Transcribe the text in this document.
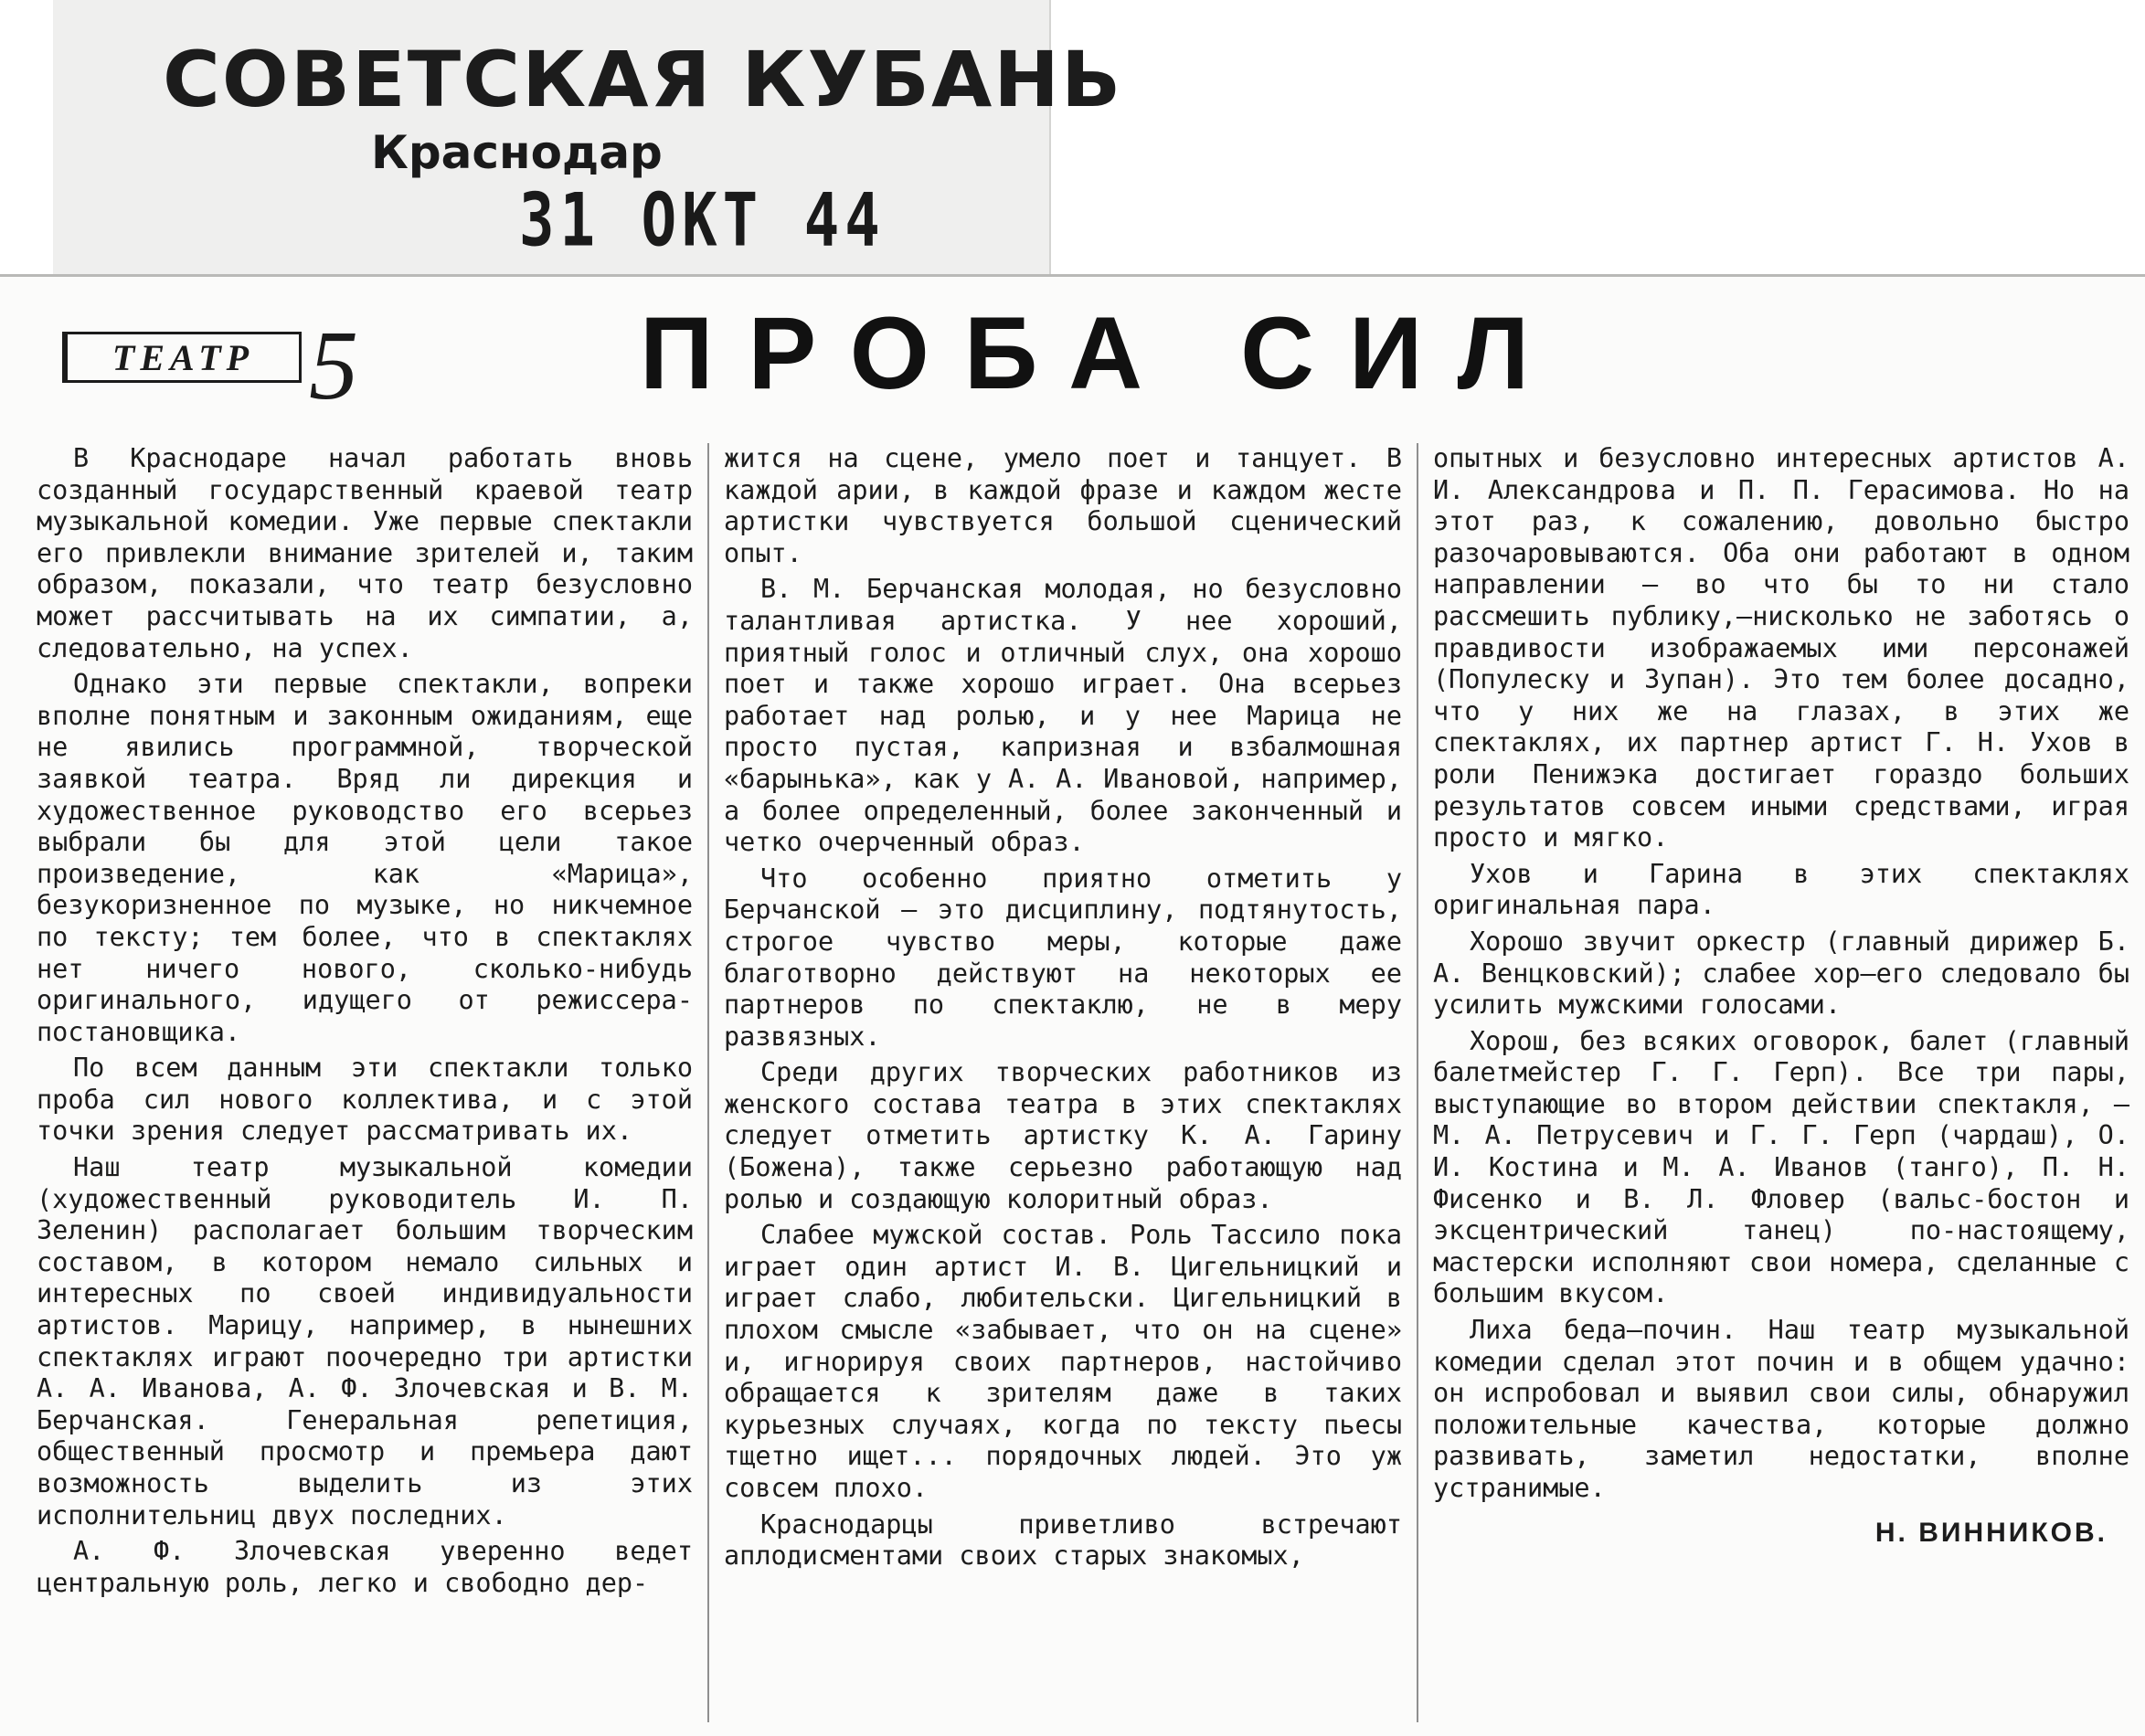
СОВЕТСКАЯ КУБАНЬ
Краснодар
31 ОКТ 44
ТЕАТР 5	ПРОБА СИЛ

В Краснодаре начал работать вновь созданный государственный краевой театр музыкальной комедии. Уже первые спектакли его привлекли внимание зрителей и, таким образом, показали, что театр безусловно может рассчитывать на их симпатии, а, следовательно, на успех.

Однако эти первые спектакли, вопреки вполне понятным и законным ожиданиям, еще не явились программной, творческой заявкой театра. Вряд ли дирекция и художественное руководство его всерьез выбрали бы для этой цели такое произведение, как «Марица», безукоризненное по музыке, но никчемное по тексту; тем более, что в спектаклях нет ничего нового, сколько-нибудь оригинального, идущего от режиссера-постановщика.

По всем данным эти спектакли только проба сил нового коллектива, и с этой точки зрения следует рассматривать их.

Наш театр музыкальной комедии (художественный руководитель И. П. Зеленин) располагает большим творческим составом, в котором немало сильных и интересных по своей индивидуальности артистов. Марицу, например, в нынешних спектаклях играют поочередно три артистки А. А. Иванова, А. Ф. Злочевская и В. М. Берчанская. Генеральная репетиция, общественный просмотр и премьера дают возможность выделить из этих исполнительниц двух последних.

А. Ф. Злочевская уверенно ведет центральную роль, легко и свободно дер-

жится на сцене, умело поет и танцует. В каждой арии, в каждой фразе и каждом жесте артистки чувствуется большой сценический опыт.

В. М. Берчанская молодая, но безусловно талантливая артистка. У нее хороший, приятный голос и отличный слух, она хорошо поет и также хорошо играет. Она всерьез работает над ролью, и у нее Марица не просто пустая, капризная и взбалмошная «барынька», как у А. А. Ивановой, например, а более определенный, более законченный и четко очерченный образ.

Что особенно приятно отметить у Берчанской — это дисциплину, подтянутость, строгое чувство меры, которые даже благотворно действуют на некоторых ее партнеров по спектаклю, не в меру развязных.

Среди других творческих работников из женского состава театра в этих спектаклях следует отметить артистку К. А. Гарину (Божена), также серьезно работающую над ролью и создающую колоритный образ.

Слабее мужской состав. Роль Тассило пока играет один артист И. В. Цигельницкий и играет слабо, любительски. Цигельницкий в плохом смысле «забывает, что он на сцене» и, игнорируя своих партнеров, настойчиво обращается к зрителям даже в таких курьезных случаях, когда по тексту пьесы тщетно ищет... порядочных людей. Это уж совсем плохо.

Краснодарцы приветливо встречают аплодисментами своих старых знакомых,

опытных и безусловно интересных артистов А. И. Александрова и П. П. Герасимова. Но на этот раз, к сожалению, довольно быстро разочаровываются. Оба они работают в одном направлении — во что бы то ни стало рассмешить публику,—нисколько не заботясь о правдивости изображаемых ими персонажей (Популеску и Зупан). Это тем более досадно, что у них же на глазах, в этих же спектаклях, их партнер артист Г. Н. Ухов в роли Пенижэка достигает гораздо больших результатов совсем иными средствами, играя просто и мягко.

Ухов и Гарина в этих спектаклях оригинальная пара.

Хорошо звучит оркестр (главный дирижер Б. А. Венцковский); слабее хор—его следовало бы усилить мужскими голосами.

Хорош, без всяких оговорок, балет (главный балетмейстер Г. Г. Герп). Все три пары, выступающие во втором действии спектакля, — М. А. Петрусевич и Г. Г. Герп (чардаш), О. И. Костина и М. А. Иванов (танго), П. Н. Фисенко и В. Л. Фловер (вальс-бостон и эксцентрический танец) по-настоящему, мастерски исполняют свои номера, сделанные с большим вкусом.

Лиха беда—почин. Наш театр музыкальной комедии сделал этот почин и в общем удачно: он испробовал и выявил свои силы, обнаружил положительные качества, которые должно развивать, заметил недостатки, вполне устранимые.

Н. ВИННИКОВ.
